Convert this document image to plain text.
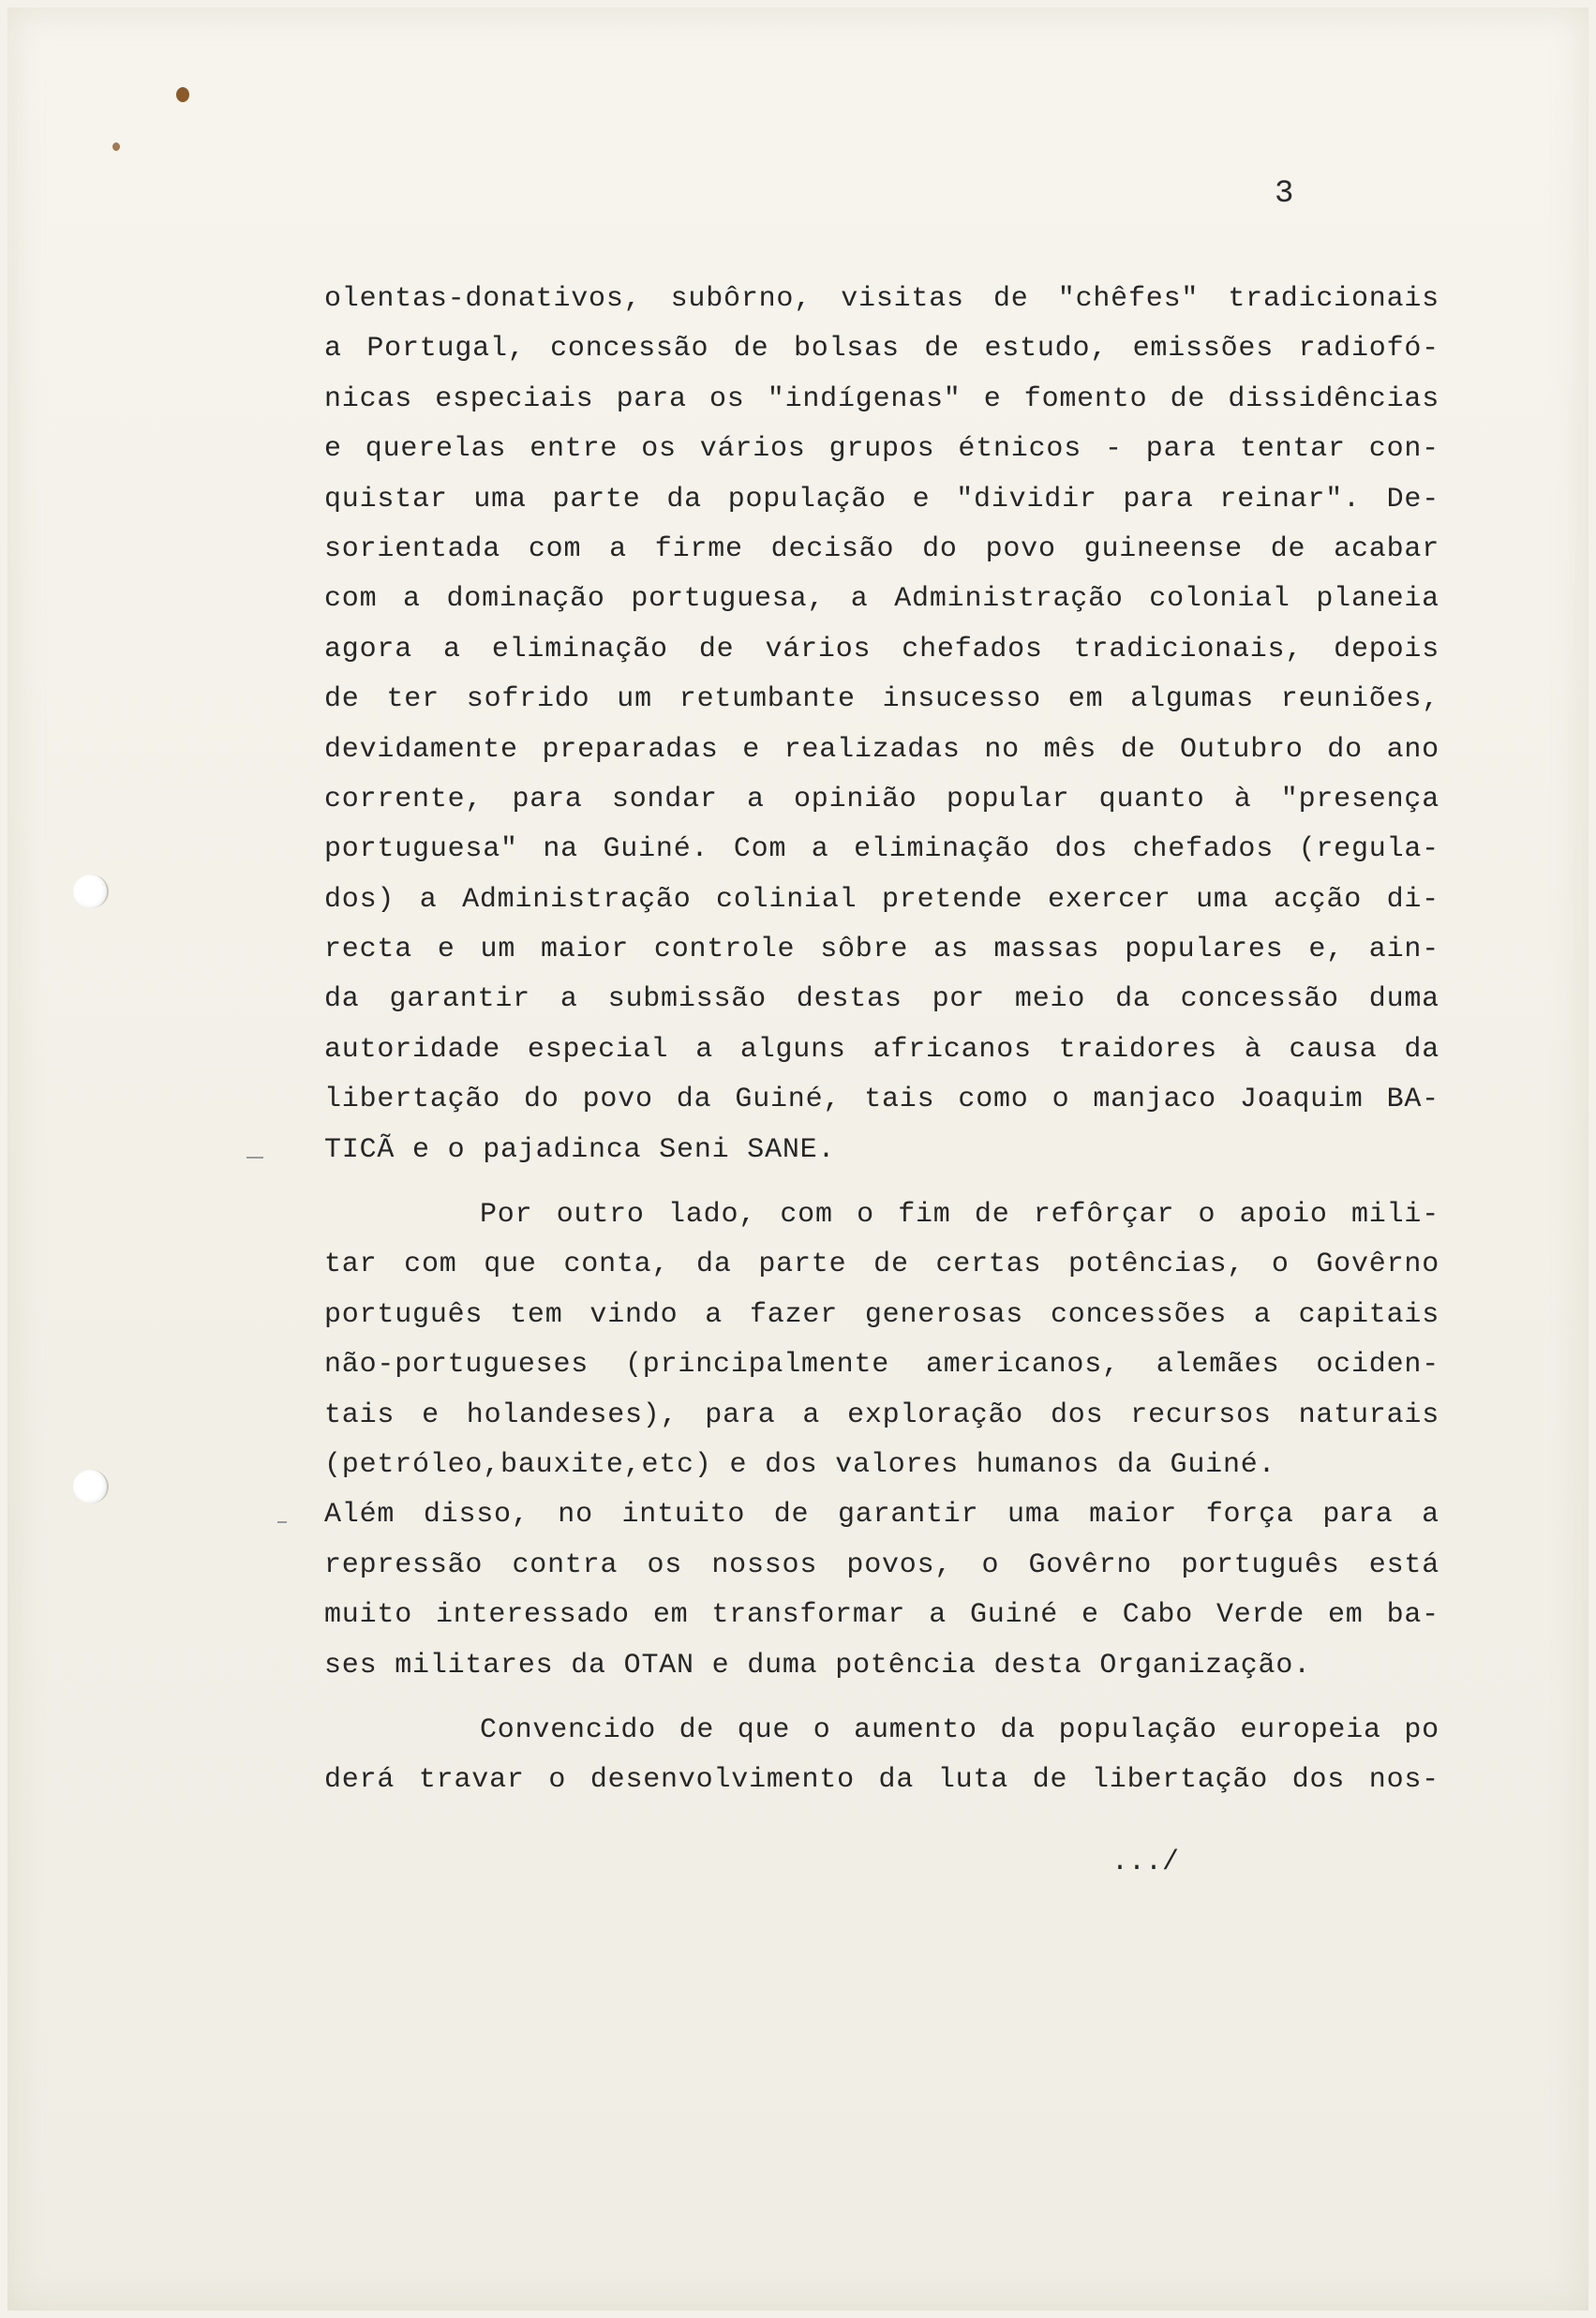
3
olentas-donativos, subôrno, visitas de "chêfes" tradicionais
a Portugal, concessão de bolsas de estudo, emissões radiofó-
nicas especiais para os "indígenas" e fomento de dissidências
e querelas entre os vários grupos étnicos - para tentar con-
quistar uma parte da população e "dividir para reinar". De-
sorientada com a firme decisão do povo guineense de acabar
com a dominação portuguesa, a Administração colonial planeia
agora a eliminação de vários chefados tradicionais, depois
de ter sofrido um retumbante insucesso em algumas reuniões,
devidamente preparadas e realizadas no mês de Outubro do ano
corrente, para sondar a opinião popular quanto à "presença
portuguesa" na Guiné. Com a eliminação dos chefados (regula-
dos) a Administração colinial pretende exercer uma acção di-
recta e um maior controle sôbre as massas populares e, ain-
da garantir a submissão destas por meio da concessão duma
autoridade especial a alguns africanos traidores à causa da
libertação do povo da Guiné, tais como o manjaco Joaquim BA-
TICÃ e o pajadinca Seni SANE.
Por outro lado, com o fim de refôrçar o apoio mili-
tar com que conta, da parte de certas potências, o Govêrno
português tem vindo a fazer generosas concessões a capitais
não-portugueses (principalmente americanos, alemães ociden-
tais e holandeses), para a exploração dos recursos naturais
(petróleo,bauxite,etc) e dos valores humanos da Guiné.
Além disso, no intuito de garantir uma maior força para a
repressão contra os nossos povos, o Govêrno português está
muito interessado em transformar a Guiné e Cabo Verde em ba-
ses militares da OTAN e duma potência desta Organização.
Convencido de que o aumento da população europeia po
derá travar o desenvolvimento da luta de libertação dos nos-
.../
